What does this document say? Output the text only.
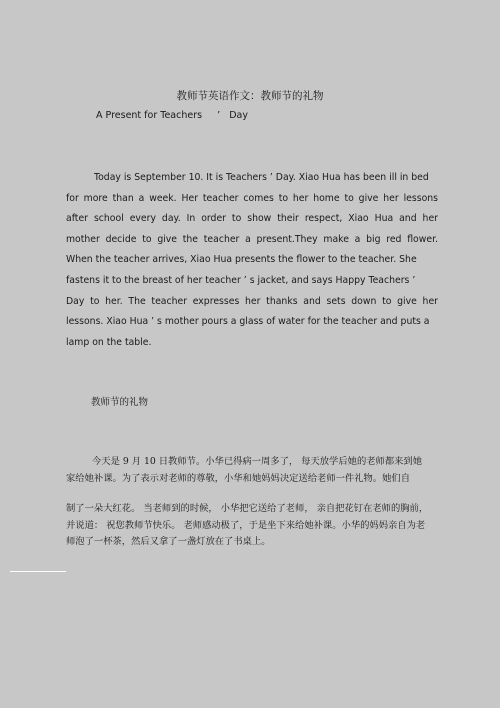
教师节英语作文：教师节的礼物
A Present for Teachers     ’   Day
Today is September 10. It is Teachers ’ Day. Xiao Hua has been ill in bed
for more than a week. Her teacher comes to her home to give her lessons
after school every day. In order to show their respect, Xiao Hua and her
mother decide to give the teacher a present.They make a big red flower.
When the teacher arrives, Xiao Hua presents the flower to the teacher. She
fastens it to the breast of her teacher ’ s jacket, and says Happy Teachers ’
Day to her. The teacher expresses her thanks and sets down to give her
lessons. Xiao Hua ’ s mother pours a glass of water for the teacher and puts a
lamp on the table.
教师节的礼物
今天是 9 月 10 日教师节。小华已得病一周多了， 每天放学后她的老师都来到她
家给她补课。为了表示对老师的尊敬，小华和她妈妈决定送给老师一件礼物。她们自
制了一朵大红花。 当老师到的时候， 小华把它送给了老师， 亲自把花钉在老师的胸前，
并说道： 祝您教师节快乐。 老师感动极了，于是坐下来给她补课。小华的妈妈亲自为老
师泡了一杯茶，然后又拿了一盏灯放在了书桌上。
